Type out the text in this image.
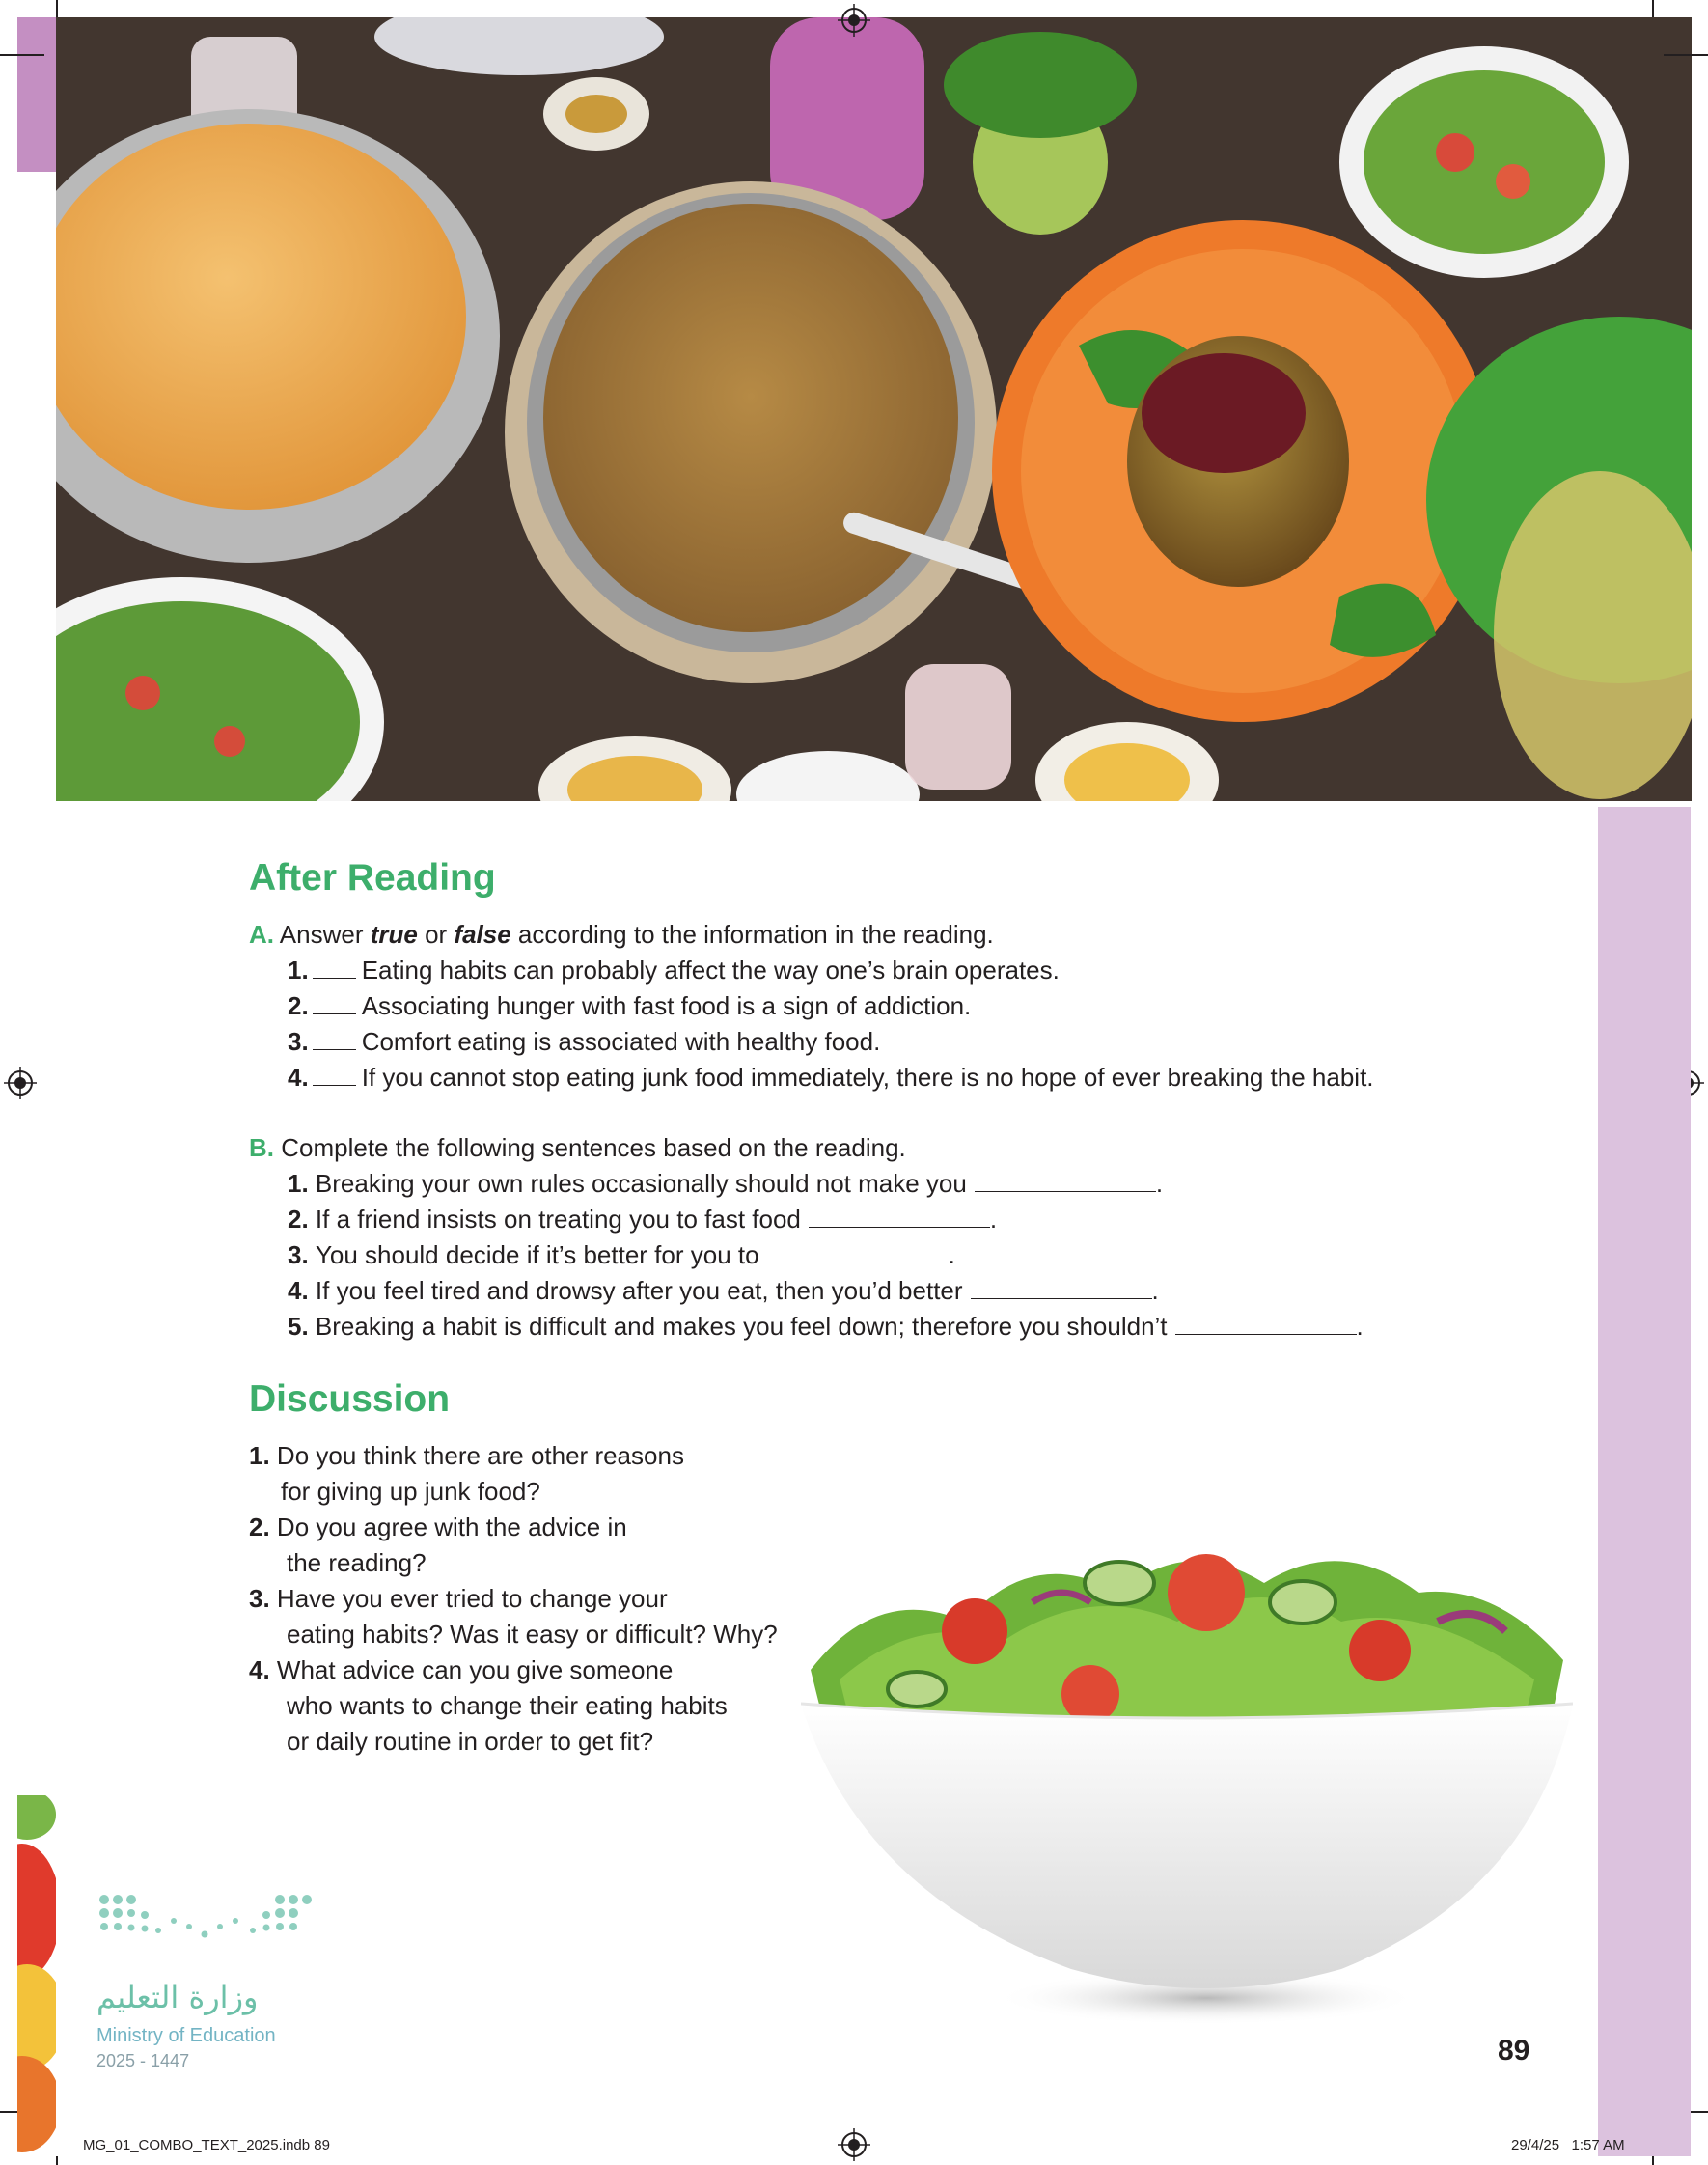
After Reading
A. Answer true or false according to the information in the reading.
1. Eating habits can probably affect the way one’s brain operates.
2. Associating hunger with fast food is a sign of addiction.
3. Comfort eating is associated with healthy food.
4. If you cannot stop eating junk food immediately, there is no hope of ever breaking the habit.
B. Complete the following sentences based on the reading.
1. Breaking your own rules occasionally should not make you	.
2. If a friend insists on treating you to fast food	.
3. You should decide if it’s better for you to	.
4. If you feel tired and drowsy after you eat, then you’d better	.
5. Breaking a habit is difficult and makes you feel down; therefore you shouldn’t	.
Discussion
1. Do you think there are other reasons
for giving up junk food?
2. Do you agree with the advice in
the reading?
3. Have you ever tried to change your
eating habits? Was it easy or difficult? Why?
4. What advice can you give someone
who wants to change their eating habits
or daily routine in order to get fit?
وزارة التعليم
Ministry of Education
2025 - 1447	89
MG_01_COMBO_TEXT_2025.indb 89	29/4/25   1:57 AM
